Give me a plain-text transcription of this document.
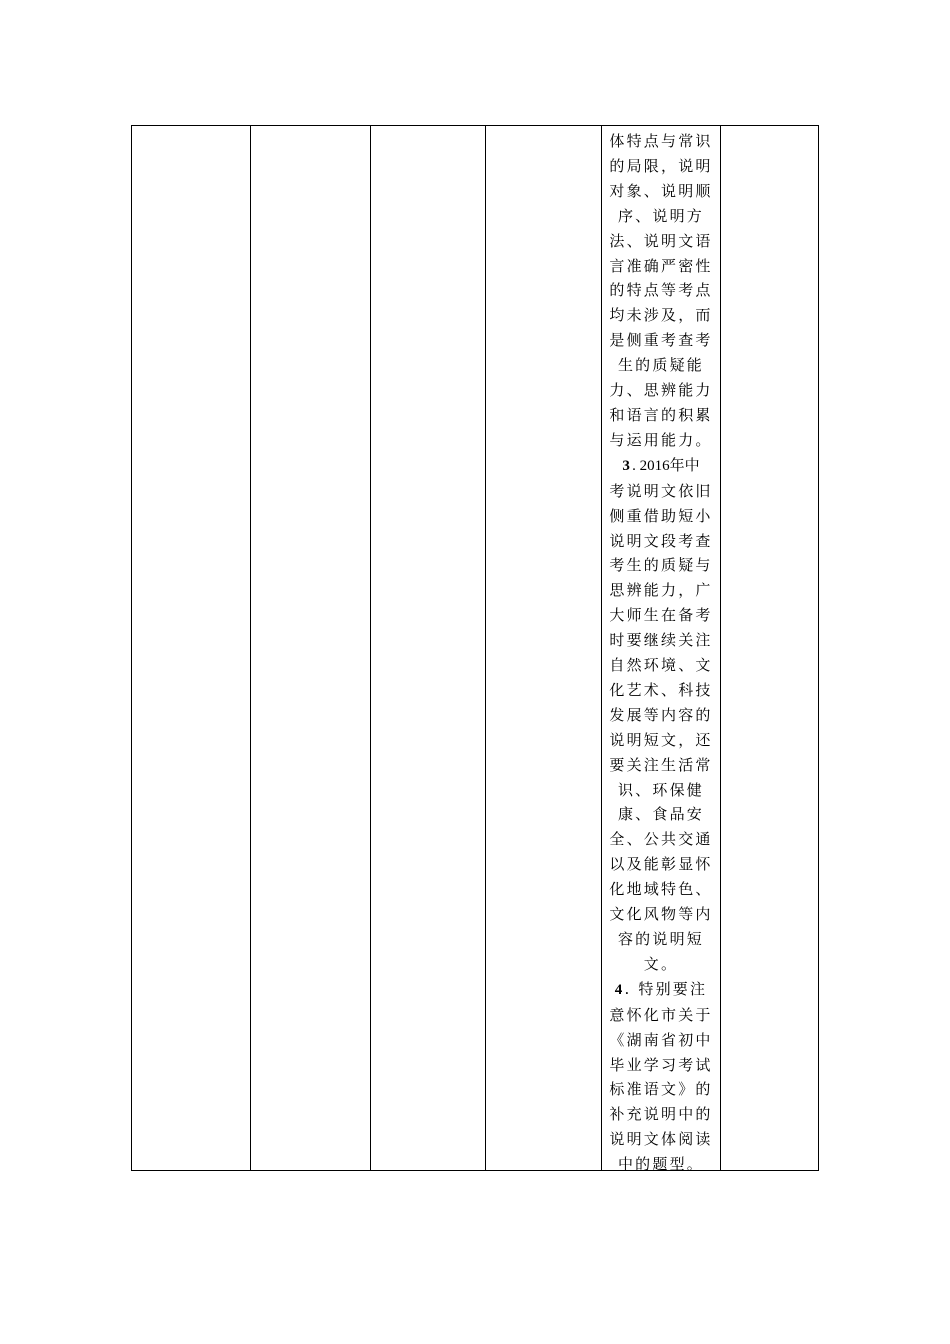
体特点与常识
的局限，说明
对象、说明顺
序、说明方
法、说明文语
言准确严密性
的特点等考点
均未涉及，而
是侧重考查考
生的质疑能
力、思辨能力
和语言的积累
与运用能力。
3. 2016年中
考说明文依旧
侧重借助短小
说明文段考查
考生的质疑与
思辨能力，广
大师生在备考
时要继续关注
自然环境、文
化艺术、科技
发展等内容的
说明短文，还
要关注生活常
识、环保健
康、食品安
全、公共交通
以及能彰显怀
化地域特色、
文化风物等内
容的说明短
文。
4. 特别要注
意怀化市关于
《湖南省初中
毕业学习考试
标准语文》的
补充说明中的
说明文体阅读
中的题型。
